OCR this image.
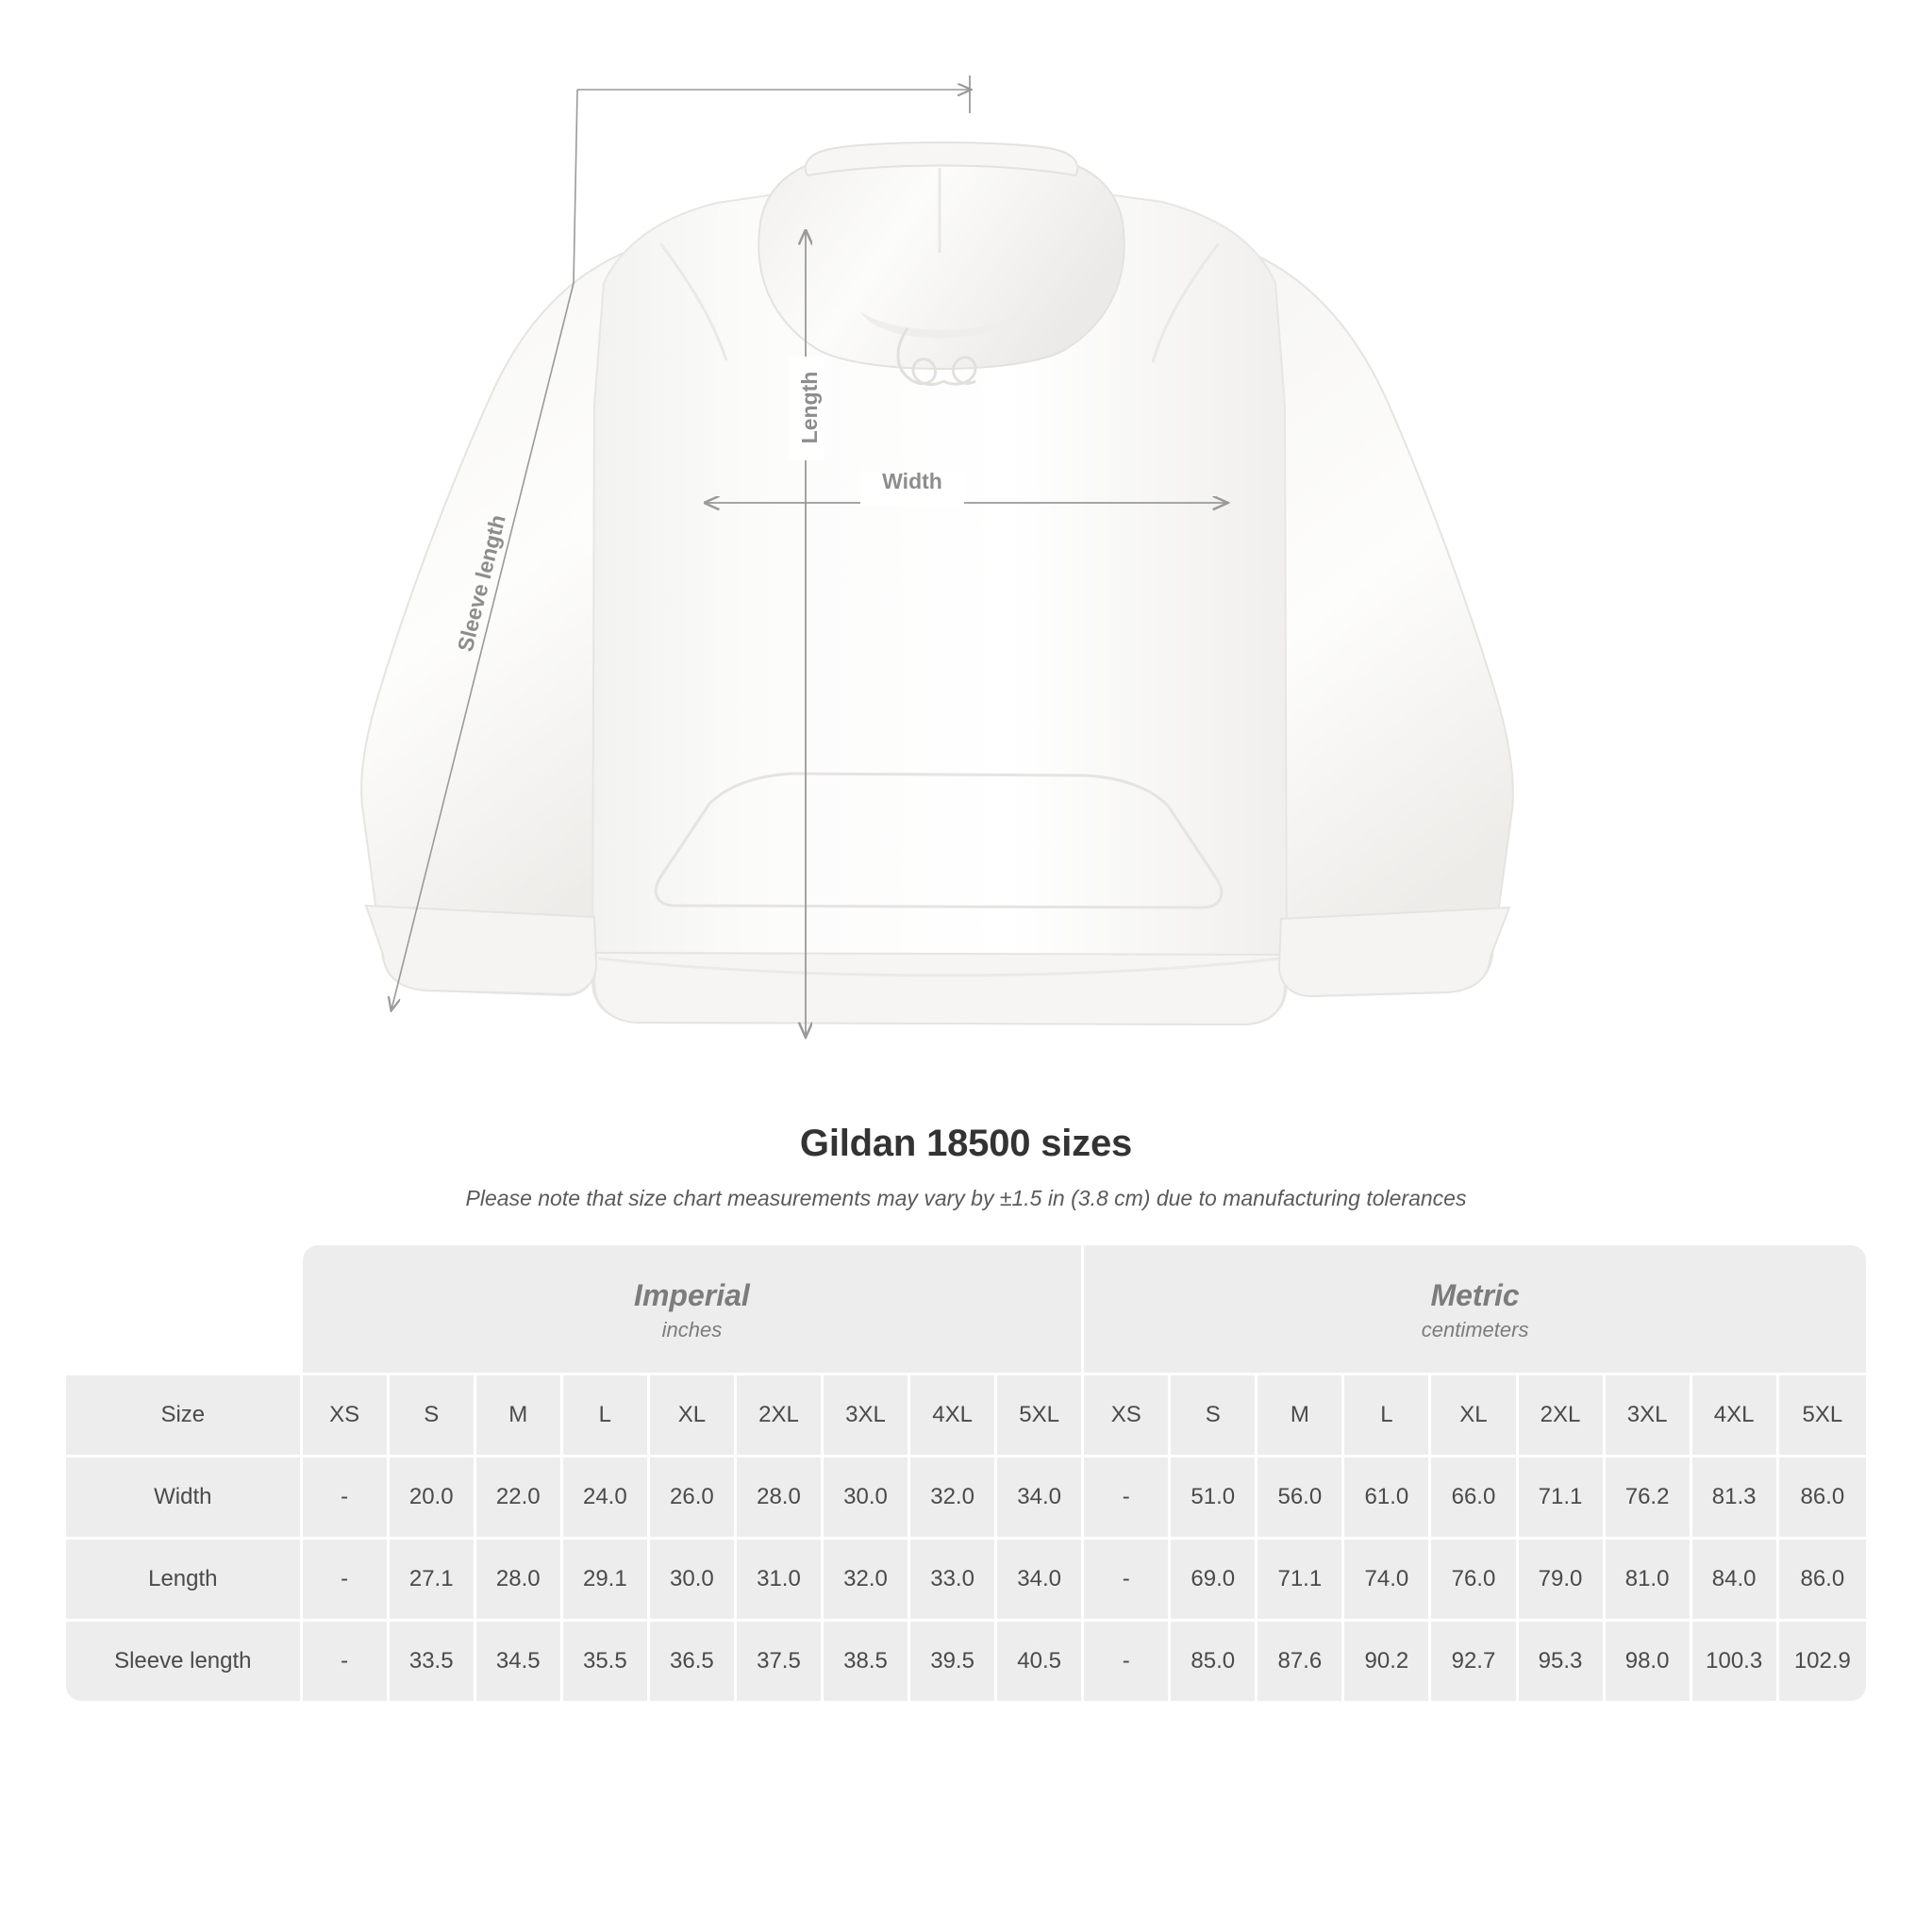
Sleeve length
Length
Width
Gildan 18500 sizes
Please note that size chart measurements may vary by ±1.5 in (3.8 cm) due to manufacturing tolerances

Imperial
inches

Metric
centimeters

Size	XS	S	M	L	XL	2XL	3XL	4XL	5XL	XS	S	M	L	XL	2XL	3XL	4XL	5XL
Width	-	20.0	22.0	24.0	26.0	28.0	30.0	32.0	34.0	-	51.0	56.0	61.0	66.0	71.1	76.2	81.3	86.0
Length	-	27.1	28.0	29.1	30.0	31.0	32.0	33.0	34.0	-	69.0	71.1	74.0	76.0	79.0	81.0	84.0	86.0
Sleeve length	-	33.5	34.5	35.5	36.5	37.5	38.5	39.5	40.5	-	85.0	87.6	90.2	92.7	95.3	98.0	100.3	102.9
